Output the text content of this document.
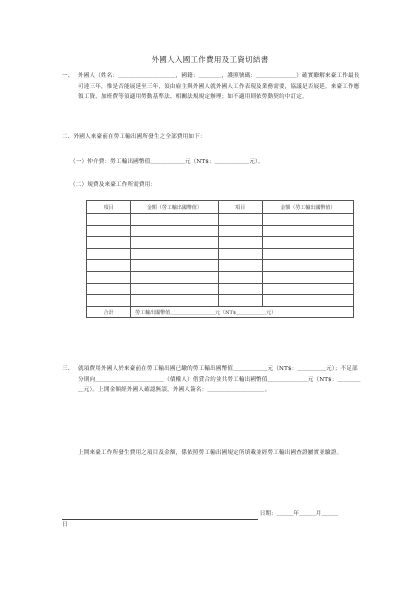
外國人入國工作費用及工資切結書
一、 外國人（姓名：＿＿＿＿＿＿＿＿＿＿，國籍：＿＿＿＿，護照號碼：＿＿＿＿＿＿＿）確實瞭解來臺工作最長可達三年，惟是否能展延至三年，須由雇主與外國人就外國人工作表現及業務需要，協議是否展延。來臺工作應領工資、加班費等須適用勞動基準法、相關法規規定辦理；如不適用則依勞動契約中訂定。
二、外國人來臺前在勞工輸出國所發生之全部費用如下：
（一）仲介費：勞工輸出國幣值＿＿＿＿＿＿元（NT$：＿＿＿＿＿＿元）。
（二）規費及來臺工作所需費用：
項目	金額（勞工輸出國幣值）	項目	金額（勞工輸出國幣值）

合計	勞工輸出國幣值＿＿＿＿＿＿＿＿＿元（NT$＿＿＿＿＿＿元）		
三、 就項費用外國人於來臺前在勞工輸出國已繳的勞工輸出國幣值＿＿＿＿＿＿元（NT$：＿＿＿＿＿元）；不足部分則向＿＿＿＿＿＿＿＿＿＿＿＿（債權人）借貸合約並共勞工輸出國幣值＿＿＿＿＿＿＿元（NT$：＿＿＿＿＿元）。上開金額經外國人確認無誤，外國人簽名：＿＿＿＿＿＿＿＿＿＿。
上開來臺工作所發生費用之項目及金額，係依照勞工輸出國規定所填載並經勞工輸出國查證屬實並驗證。
日期：＿＿＿年＿＿＿月＿＿＿
日
